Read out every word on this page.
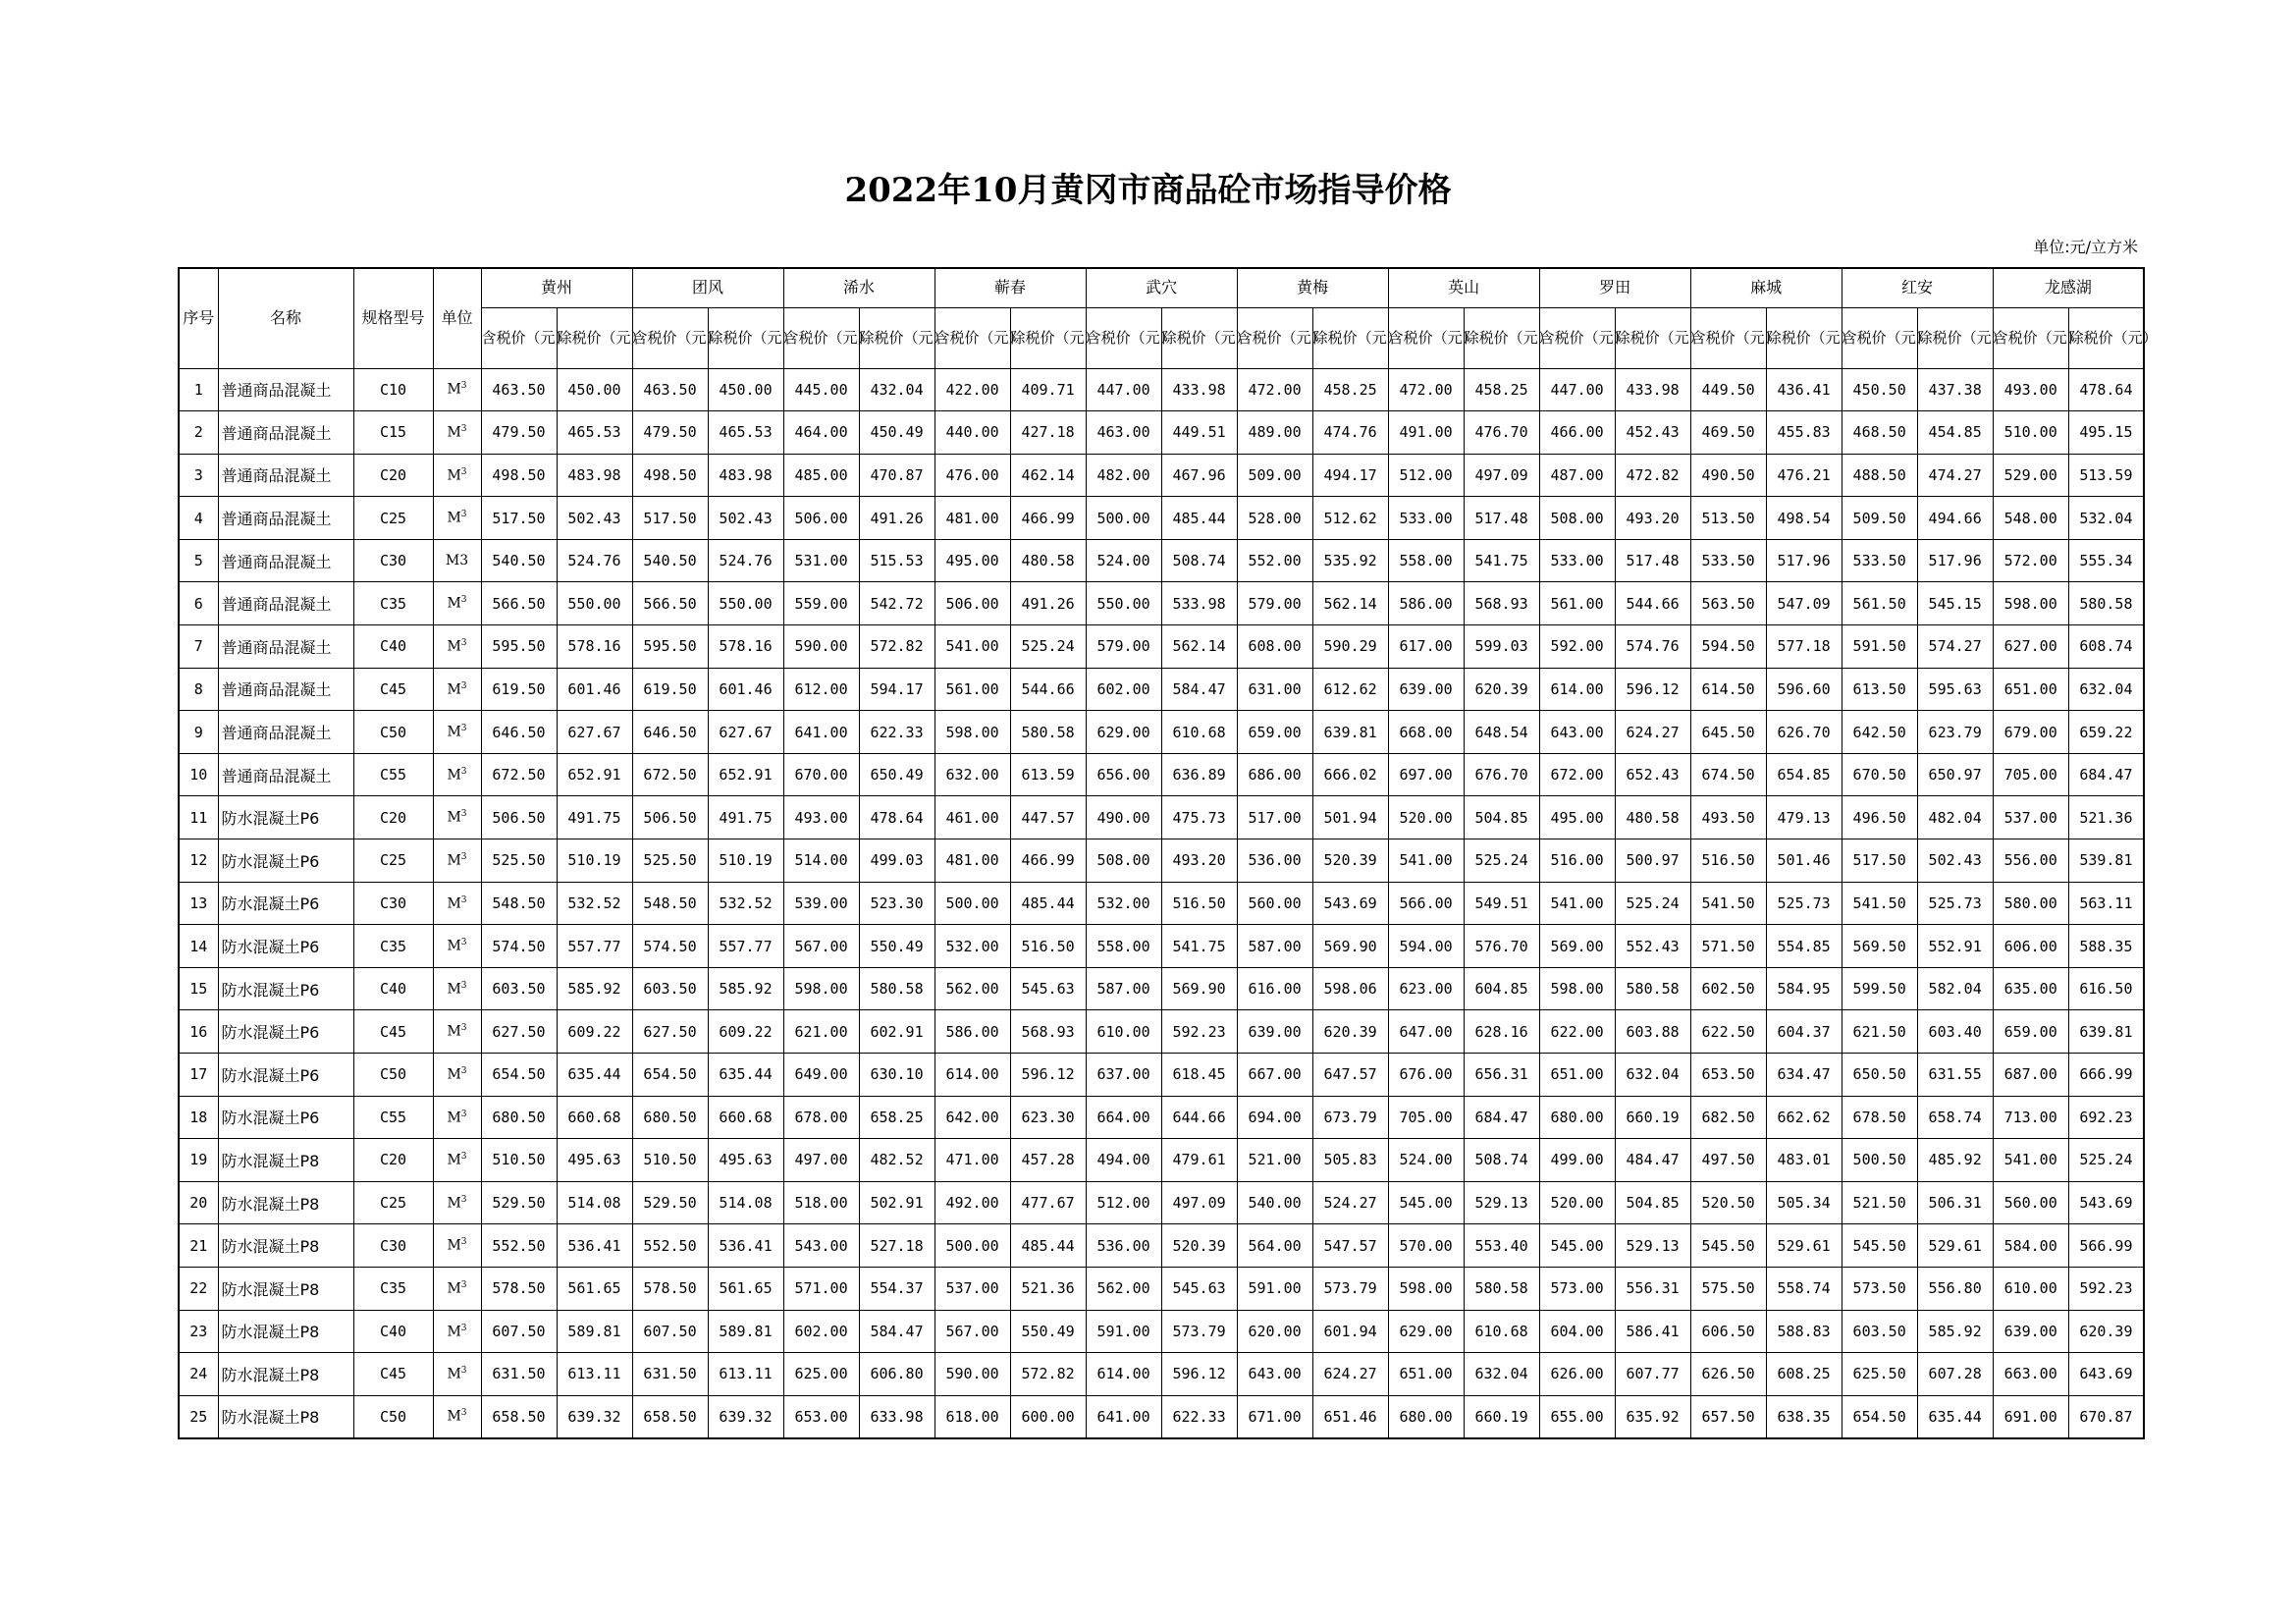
2022年10月黄冈市商品砼市场指导价格
单位:元/立方米
序号	名称	规格型号	单位	黄州		团风		浠水		蕲春		武穴		黄梅		英山		罗田		麻城		红安		龙感湖	
				含税价（元）	除税价（元）	含税价（元）	除税价（元）	含税价（元）	除税价（元）	含税价（元）	除税价（元）	含税价（元）	除税价（元）	含税价（元）	除税价（元）	含税价（元）	除税价（元）	含税价（元）	除税价（元）	含税价（元）	除税价（元）	含税价（元）	除税价（元）	含税价（元）	除税价（元）
1	普通商品混凝土	C10	$M^3$	463.50	450.00	463.50	450.00	445.00	432.04	422.00	409.71	447.00	433.98	472.00	458.25	472.00	458.25	447.00	433.98	449.50	436.41	450.50	437.38	493.00	478.64
2	普通商品混凝土	C15	$M^3$	479.50	465.53	479.50	465.53	464.00	450.49	440.00	427.18	463.00	449.51	489.00	474.76	491.00	476.70	466.00	452.43	469.50	455.83	468.50	454.85	510.00	495.15
3	普通商品混凝土	C20	$M^3$	498.50	483.98	498.50	483.98	485.00	470.87	476.00	462.14	482.00	467.96	509.00	494.17	512.00	497.09	487.00	472.82	490.50	476.21	488.50	474.27	529.00	513.59
4	普通商品混凝土	C25	$M^3$	517.50	502.43	517.50	502.43	506.00	491.26	481.00	466.99	500.00	485.44	528.00	512.62	533.00	517.48	508.00	493.20	513.50	498.54	509.50	494.66	548.00	532.04
5	普通商品混凝土	C30	M3	540.50	524.76	540.50	524.76	531.00	515.53	495.00	480.58	524.00	508.74	552.00	535.92	558.00	541.75	533.00	517.48	533.50	517.96	533.50	517.96	572.00	555.34
6	普通商品混凝土	C35	$M^3$	566.50	550.00	566.50	550.00	559.00	542.72	506.00	491.26	550.00	533.98	579.00	562.14	586.00	568.93	561.00	544.66	563.50	547.09	561.50	545.15	598.00	580.58
7	普通商品混凝土	C40	$M^3$	595.50	578.16	595.50	578.16	590.00	572.82	541.00	525.24	579.00	562.14	608.00	590.29	617.00	599.03	592.00	574.76	594.50	577.18	591.50	574.27	627.00	608.74
8	普通商品混凝土	C45	$M^3$	619.50	601.46	619.50	601.46	612.00	594.17	561.00	544.66	602.00	584.47	631.00	612.62	639.00	620.39	614.00	596.12	614.50	596.60	613.50	595.63	651.00	632.04
9	普通商品混凝土	C50	$M^3$	646.50	627.67	646.50	627.67	641.00	622.33	598.00	580.58	629.00	610.68	659.00	639.81	668.00	648.54	643.00	624.27	645.50	626.70	642.50	623.79	679.00	659.22
10	普通商品混凝土	C55	$M^3$	672.50	652.91	672.50	652.91	670.00	650.49	632.00	613.59	656.00	636.89	686.00	666.02	697.00	676.70	672.00	652.43	674.50	654.85	670.50	650.97	705.00	684.47
11	防水混凝土P6	C20	$M^3$	506.50	491.75	506.50	491.75	493.00	478.64	461.00	447.57	490.00	475.73	517.00	501.94	520.00	504.85	495.00	480.58	493.50	479.13	496.50	482.04	537.00	521.36
12	防水混凝土P6	C25	$M^3$	525.50	510.19	525.50	510.19	514.00	499.03	481.00	466.99	508.00	493.20	536.00	520.39	541.00	525.24	516.00	500.97	516.50	501.46	517.50	502.43	556.00	539.81
13	防水混凝土P6	C30	$M^3$	548.50	532.52	548.50	532.52	539.00	523.30	500.00	485.44	532.00	516.50	560.00	543.69	566.00	549.51	541.00	525.24	541.50	525.73	541.50	525.73	580.00	563.11
14	防水混凝土P6	C35	$M^3$	574.50	557.77	574.50	557.77	567.00	550.49	532.00	516.50	558.00	541.75	587.00	569.90	594.00	576.70	569.00	552.43	571.50	554.85	569.50	552.91	606.00	588.35
15	防水混凝土P6	C40	$M^3$	603.50	585.92	603.50	585.92	598.00	580.58	562.00	545.63	587.00	569.90	616.00	598.06	623.00	604.85	598.00	580.58	602.50	584.95	599.50	582.04	635.00	616.50
16	防水混凝土P6	C45	$M^3$	627.50	609.22	627.50	609.22	621.00	602.91	586.00	568.93	610.00	592.23	639.00	620.39	647.00	628.16	622.00	603.88	622.50	604.37	621.50	603.40	659.00	639.81
17	防水混凝土P6	C50	$M^3$	654.50	635.44	654.50	635.44	649.00	630.10	614.00	596.12	637.00	618.45	667.00	647.57	676.00	656.31	651.00	632.04	653.50	634.47	650.50	631.55	687.00	666.99
18	防水混凝土P6	C55	$M^3$	680.50	660.68	680.50	660.68	678.00	658.25	642.00	623.30	664.00	644.66	694.00	673.79	705.00	684.47	680.00	660.19	682.50	662.62	678.50	658.74	713.00	692.23
19	防水混凝土P8	C20	$M^3$	510.50	495.63	510.50	495.63	497.00	482.52	471.00	457.28	494.00	479.61	521.00	505.83	524.00	508.74	499.00	484.47	497.50	483.01	500.50	485.92	541.00	525.24
20	防水混凝土P8	C25	$M^3$	529.50	514.08	529.50	514.08	518.00	502.91	492.00	477.67	512.00	497.09	540.00	524.27	545.00	529.13	520.00	504.85	520.50	505.34	521.50	506.31	560.00	543.69
21	防水混凝土P8	C30	$M^3$	552.50	536.41	552.50	536.41	543.00	527.18	500.00	485.44	536.00	520.39	564.00	547.57	570.00	553.40	545.00	529.13	545.50	529.61	545.50	529.61	584.00	566.99
22	防水混凝土P8	C35	$M^3$	578.50	561.65	578.50	561.65	571.00	554.37	537.00	521.36	562.00	545.63	591.00	573.79	598.00	580.58	573.00	556.31	575.50	558.74	573.50	556.80	610.00	592.23
23	防水混凝土P8	C40	$M^3$	607.50	589.81	607.50	589.81	602.00	584.47	567.00	550.49	591.00	573.79	620.00	601.94	629.00	610.68	604.00	586.41	606.50	588.83	603.50	585.92	639.00	620.39
24	防水混凝土P8	C45	$M^3$	631.50	613.11	631.50	613.11	625.00	606.80	590.00	572.82	614.00	596.12	643.00	624.27	651.00	632.04	626.00	607.77	626.50	608.25	625.50	607.28	663.00	643.69
25	防水混凝土P8	C50	$M^3$	658.50	639.32	658.50	639.32	653.00	633.98	618.00	600.00	641.00	622.33	671.00	651.46	680.00	660.19	655.00	635.92	657.50	638.35	654.50	635.44	691.00	670.87
